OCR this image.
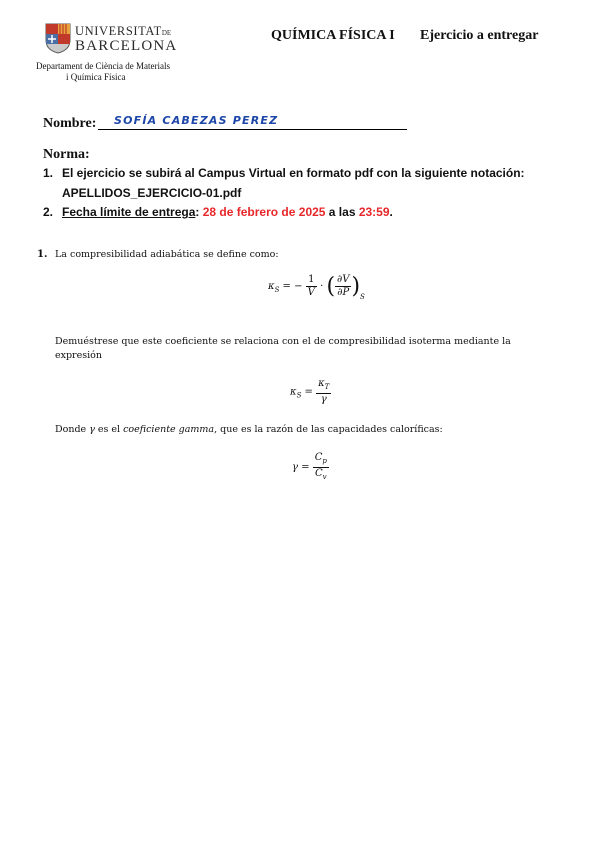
UNIVERSITATDE
BARCELONA
Departament de Ciència de Materials
i Química Física
QUÍMICA FÍSICA I Ejercicio a entregar
Nombre: SOFÍA CABEZAS PEREZ
Norma:
1. El ejercicio se subirá al Campus Virtual en formato pdf con la siguiente notación:
APELLIDOS_EJERCICIO-01.pdf
2. Fecha límite de entrega: 28 de febrero de 2025 a las 23:59.
1. La compresibilidad adiabática se define como:
$\kappa_S$ = − $\frac{1}{V}$ · ( $\frac{\partial V}{\partial P} )_S$
Demuéstrese que este coeficiente se relaciona con el de compresibilidad isoterma mediante la
expresión
$\kappa_S = \frac{\kappa_T}{\gamma}$
Donde γ es el coeficiente gamma, que es la razón de las capacidades caloríficas:
$\gamma = \frac{C_p}{C_v}$
